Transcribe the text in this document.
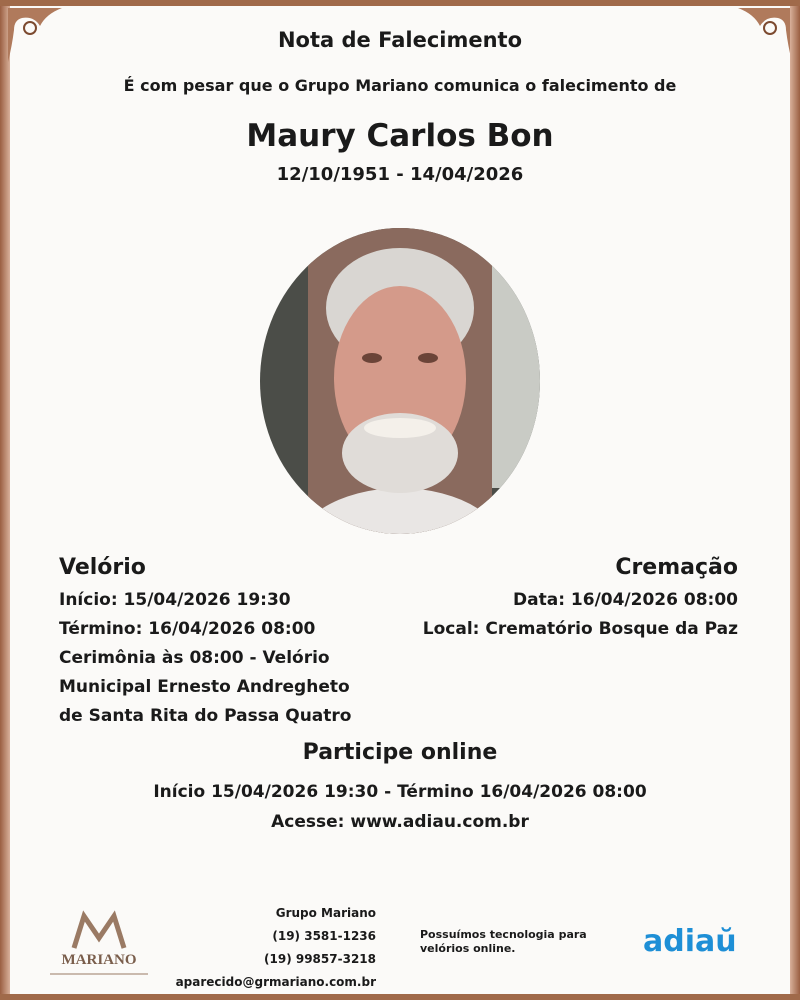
Nota de Falecimento
É com pesar que o Grupo Mariano comunica o falecimento de
Maury Carlos Bon
12/10/1951 - 14/04/2026
Velório
Início: 15/04/2026 19:30
Término: 16/04/2026 08:00
Cerimônia às 08:00 - Velório
Municipal Ernesto Andregheto
de Santa Rita do Passa Quatro
Cremação
Data: 16/04/2026 08:00
Local: Crematório Bosque da Paz
Participe online
Início 15/04/2026 19:30 - Término 16/04/2026 08:00
Acesse: www.adiau.com.br
MARIANO
Grupo Mariano
(19) 3581-1236
(19) 99857-3218
aparecido@grmariano.com.br
Possuímos tecnologia para velórios online.	adiaŭ
